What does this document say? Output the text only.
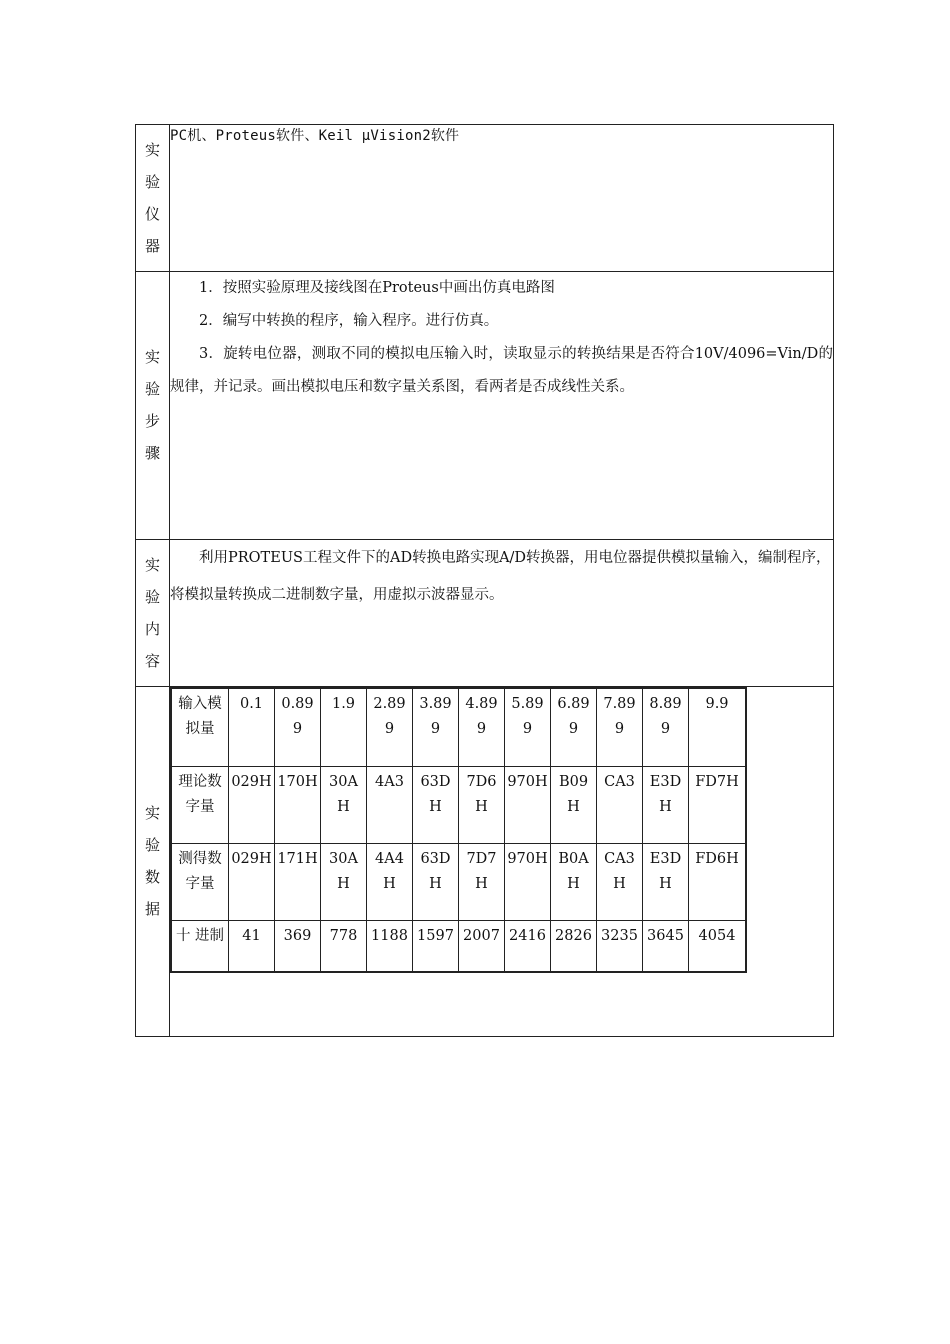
实
验
仪
器
	PC机、Proteus软件、Keil μVision2软件

实
验
步
骤

1．按照实验原理及接线图在Proteus中画出仿真电路图

2．编写中转换的程序，输入程序。进行仿真。

3．旋转电位器，测取不同的模拟电压输入时，读取显示的转换结果是否符合10V/4096=Vin/D的规律，并记录。画出模拟电压和数字量关系图，看两者是否成线性关系。

实
验
内
容

利用PROTEUS工程文件下的AD转换电路实现A/D转换器，用电位器提供模拟量输入，编制程序，将模拟量转换成二进制数字量，用虚拟示波器显示。

实
验
数
据

输入模拟量	0.1	0.899	1.9	2.899	3.899	4.899	5.899	6.899	7.899	8.899	9.9
理论数字量	029H	170H	30AH	4A3	63DH	7D6H	970H	B09H	CA3	E3DH	FD7H
测得数字量	029H	171H	30AH	4A4H	63DH	7D7H	970H	B0AH	CA3H	E3DH	FD6H
十 进制	41	369	778	1188	1597	2007	2416	2826	3235	3645	4054
